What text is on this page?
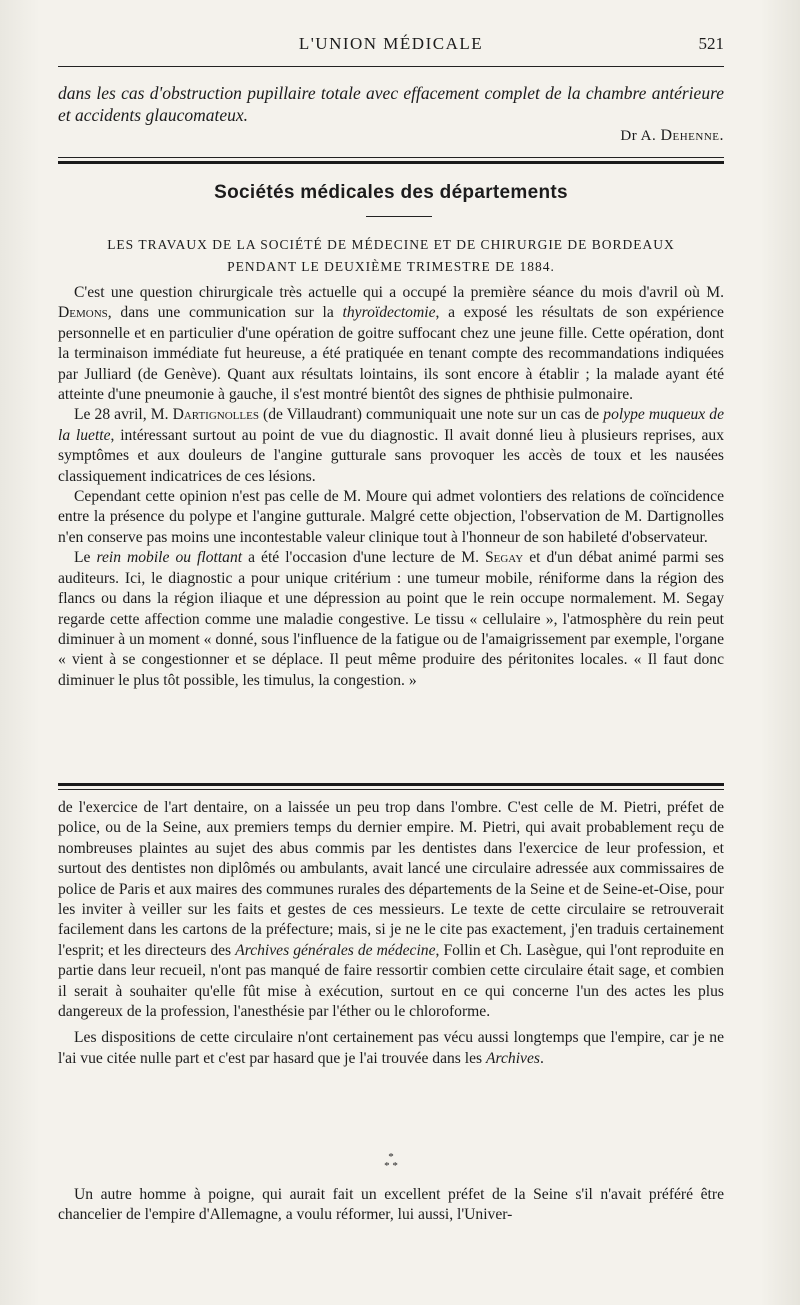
L'UNION MÉDICALE	521
dans les cas d'obstruction pupillaire totale avec effacement complet de la chambre antérieure et accidents glaucomateux.
Dr A. Dehenne.
Sociétés médicales des départements
LES TRAVAUX DE LA SOCIÉTÉ DE MÉDECINE ET DE CHIRURGIE DE BORDEAUX
PENDANT LE DEUXIÈME TRIMESTRE DE 1884.

C'est une question chirurgicale très actuelle qui a occupé la première séance du mois d'avril où M. Demons, dans une communication sur la thyroïdectomie, a exposé les résultats de son expérience personnelle et en particulier d'une opération de goitre suffocant chez une jeune fille. Cette opération, dont la terminaison immédiate fut heureuse, a été pratiquée en tenant compte des recommandations indiquées par Julliard (de Genève). Quant aux résultats lointains, ils sont encore à établir ; la malade ayant été atteinte d'une pneumonie à gauche, il s'est montré bientôt des signes de phthisie pulmonaire.

Le 28 avril, M. Dartignolles (de Villaudrant) communiquait une note sur un cas de polype muqueux de la luette, intéressant surtout au point de vue du diagnostic. Il avait donné lieu à plusieurs reprises, aux symptômes et aux douleurs de l'angine gutturale sans provoquer les accès de toux et les nausées classiquement indicatrices de ces lésions.

Cependant cette opinion n'est pas celle de M. Moure qui admet volontiers des relations de coïncidence entre la présence du polype et l'angine gutturale. Malgré cette objection, l'observation de M. Dartignolles n'en conserve pas moins une incontestable valeur clinique tout à l'honneur de son habileté d'observateur.

Le rein mobile ou flottant a été l'occasion d'une lecture de M. Segay et d'un débat animé parmi ses auditeurs. Ici, le diagnostic a pour unique critérium : une tumeur mobile, réniforme dans la région des flancs ou dans la région iliaque et une dépression au point que le rein occupe normalement. M. Segay regarde cette affection comme une maladie congestive. Le tissu « cellulaire », l'atmosphère du rein peut diminuer à un moment « donné, sous l'influence de la fatigue ou de l'amaigrissement par exemple, l'organe « vient à se congestionner et se déplace. Il peut même produire des péritonites locales. « Il faut donc diminuer le plus tôt possible, les timulus, la congestion. »

de l'exercice de l'art dentaire, on a laissée un peu trop dans l'ombre. C'est celle de M. Pietri, préfet de police, ou de la Seine, aux premiers temps du dernier empire. M. Pietri, qui avait probablement reçu de nombreuses plaintes au sujet des abus commis par les dentistes dans l'exercice de leur profession, et surtout des dentistes non diplômés ou ambulants, avait lancé une circulaire adressée aux commissaires de police de Paris et aux maires des communes rurales des départements de la Seine et de Seine-et-Oise, pour les inviter à veiller sur les faits et gestes de ces messieurs. Le texte de cette circulaire se retrouverait facilement dans les cartons de la préfecture; mais, si je ne le cite pas exactement, j'en traduis certainement l'esprit; et les directeurs des Archives générales de médecine, Follin et Ch. Lasègue, qui l'ont reproduite en partie dans leur recueil, n'ont pas manqué de faire ressortir combien cette circulaire était sage, et combien il serait à souhaiter qu'elle fût mise à exécution, surtout en ce qui concerne l'un des actes les plus dangereux de la profession, l'anesthésie par l'éther ou le chloroforme.

Les dispositions de cette circulaire n'ont certainement pas vécu aussi longtemps que l'empire, car je ne l'ai vue citée nulle part et c'est par hasard que je l'ai trouvée dans les Archives.

*
* *

Un autre homme à poigne, qui aurait fait un excellent préfet de la Seine s'il n'avait préféré être chancelier de l'empire d'Allemagne, a voulu réformer, lui aussi, l'Univer-
